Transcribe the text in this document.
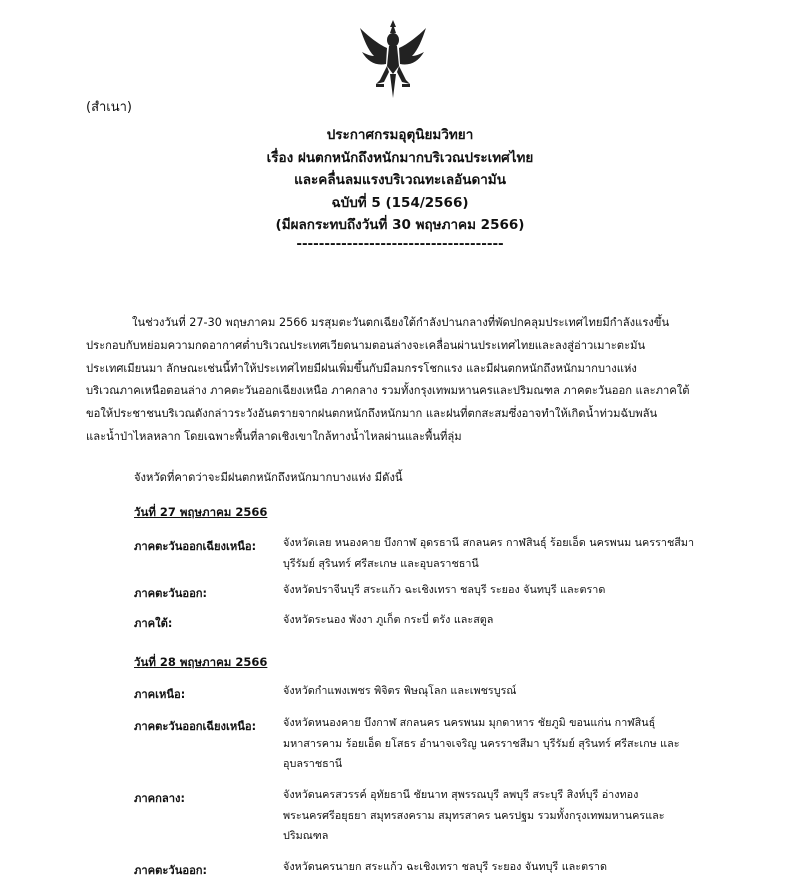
(สำเนา)
ประกาศกรมอุตุนิยมวิทยา
เรื่อง ฝนตกหนักถึงหนักมากบริเวณประเทศไทย
และคลื่นลมแรงบริเวณทะเลอันดามัน
ฉบับที่ 5 (154/2566)
(มีผลกระทบถึงวันที่ 30 พฤษภาคม 2566)
-------------------------------------
ในช่วงวันที่ 27-30 พฤษภาคม 2566 มรสุมตะวันตกเฉียงใต้กำลังปานกลางที่พัดปกคลุมประเทศไทยมีกำลังแรงขึ้น
ประกอบกับหย่อมความกดอากาศต่ำบริเวณประเทศเวียดนามตอนล่างจะเคลื่อนผ่านประเทศไทยและลงสู่อ่าวเมาะตะมัน
ประเทศเมียนมา ลักษณะเช่นนี้ทำให้ประเทศไทยมีฝนเพิ่มขึ้นกับมีลมกรรโชกแรง และมีฝนตกหนักถึงหนักมากบางแห่ง
บริเวณภาคเหนือตอนล่าง ภาคตะวันออกเฉียงเหนือ ภาคกลาง รวมทั้งกรุงเทพมหานครและปริมณฑล ภาคตะวันออก และภาคใต้
ขอให้ประชาชนบริเวณดังกล่าวระวังอันตรายจากฝนตกหนักถึงหนักมาก และฝนที่ตกสะสมซึ่งอาจทำให้เกิดน้ำท่วมฉับพลัน
และน้ำป่าไหลหลาก โดยเฉพาะพื้นที่ลาดเชิงเขาใกล้ทางน้ำไหลผ่านและพื้นที่ลุ่ม
จังหวัดที่คาดว่าจะมีฝนตกหนักถึงหนักมากบางแห่ง มีดังนี้
วันที่ 27 พฤษภาคม 2566
ภาคตะวันออกเฉียงเหนือ: จังหวัดเลย หนองคาย บึงกาฬ อุดรธานี สกลนคร กาฬสินธุ์ ร้อยเอ็ด นครพนม นครราชสีมา
บุรีรัมย์ สุรินทร์ ศรีสะเกษ และอุบลราชธานี
ภาคตะวันออก:	จังหวัดปราจีนบุรี สระแก้ว ฉะเชิงเทรา ชลบุรี ระยอง จันทบุรี และตราด
ภาคใต้:	จังหวัดระนอง พังงา ภูเก็ต กระบี่ ตรัง และสตูล
วันที่ 28 พฤษภาคม 2566
ภาคเหนือ:	จังหวัดกำแพงเพชร พิจิตร พิษณุโลก และเพชรบูรณ์
ภาคตะวันออกเฉียงเหนือ: จังหวัดหนองคาย บึงกาฬ สกลนคร นครพนม มุกดาหาร ชัยภูมิ ขอนแก่น กาฬสินธุ์
มหาสารคาม ร้อยเอ็ด ยโสธร อำนาจเจริญ นครราชสีมา บุรีรัมย์ สุรินทร์ ศรีสะเกษ และ
อุบลราชธานี
ภาคกลาง:	จังหวัดนครสวรรค์ อุทัยธานี ชัยนาท สุพรรณบุรี ลพบุรี สระบุรี สิงห์บุรี อ่างทอง
พระนครศรีอยุธยา สมุทรสงคราม สมุทรสาคร นครปฐม รวมทั้งกรุงเทพมหานครและ
ปริมณฑล
ภาคตะวันออก:	จังหวัดนครนายก สระแก้ว ฉะเชิงเทรา ชลบุรี ระยอง จันทบุรี และตราด
